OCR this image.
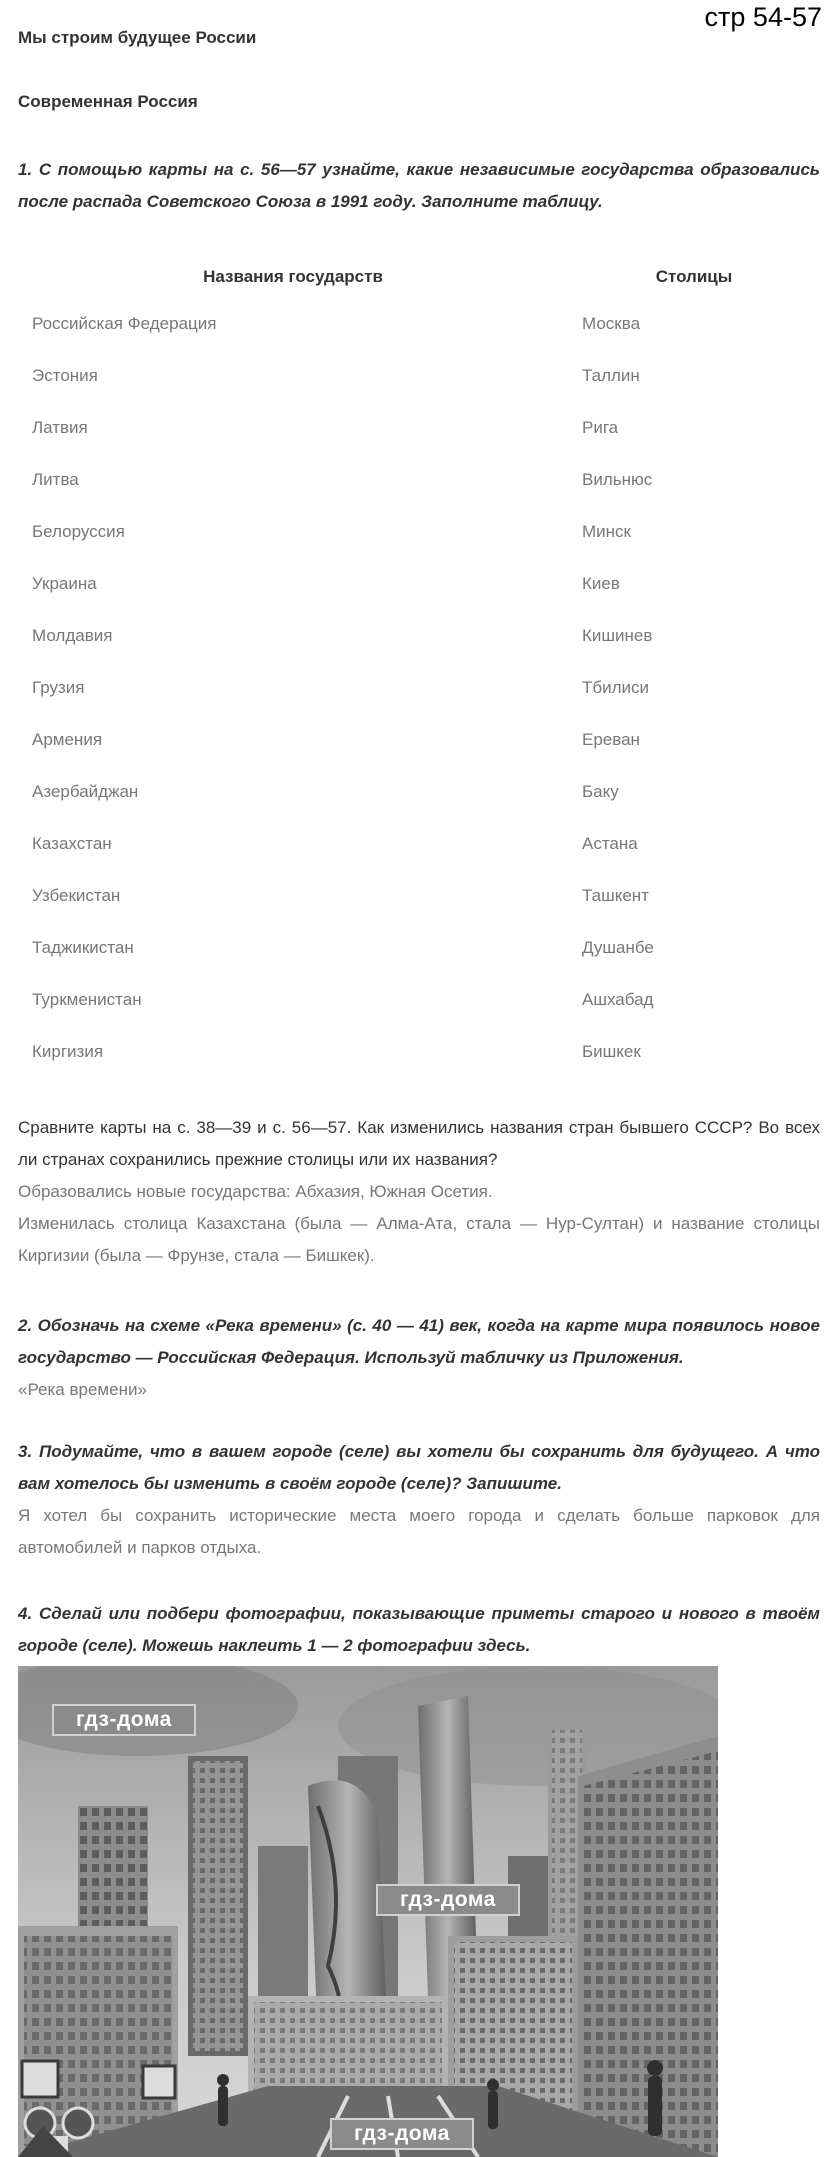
стр 54-57
Мы строим будущее России
Современная Россия
1. С помощью карты на с. 56—57 узнайте, какие независимые государства образовались после распада Советского Союза в 1991 году. Заполните таблицу.
Названия государств	Столицы
Российская Федерация	Москва
Эстония	Таллин
Латвия	Рига
Литва	Вильнюс
Белоруссия	Минск
Украина	Киев
Молдавия	Кишинев
Грузия	Тбилиси
Армения	Ереван
Азербайджан	Баку
Казахстан	Астана
Узбекистан	Ташкент
Таджикистан	Душанбе
Туркменистан	Ашхабад
Киргизия	Бишкек
Сравните карты на с. 38—39 и с. 56—57. Как изменились названия стран бывшего СССР? Во всех ли странах сохранились прежние столицы или их названия?
Образовались новые государства: Абхазия, Южная Осетия.
Изменилась столица Казахстана (была — Алма-Ата, стала — Нур-Султан) и название столицы Киргизии (была — Фрунзе, стала — Бишкек).
2. Обозначь на схеме «Река времени» (с. 40 — 41) век, когда на карте мира появилось новое государство — Российская Федерация. Используй табличку из Приложения.
«Река времени»
3. Подумайте, что в вашем городе (селе) вы хотели бы сохранить для будущего. А что вам хотелось бы изменить в своём городе (селе)? Запишите.
Я хотел бы сохранить исторические места моего города и сделать больше парковок для автомобилей и парков отдыха.
4. Сделай или подбери фотографии, показывающие приметы старого и нового в твоём городе (селе). Можешь наклеить 1 — 2 фотографии здесь.
гдз-дома
гдз-дома
гдз-дома
